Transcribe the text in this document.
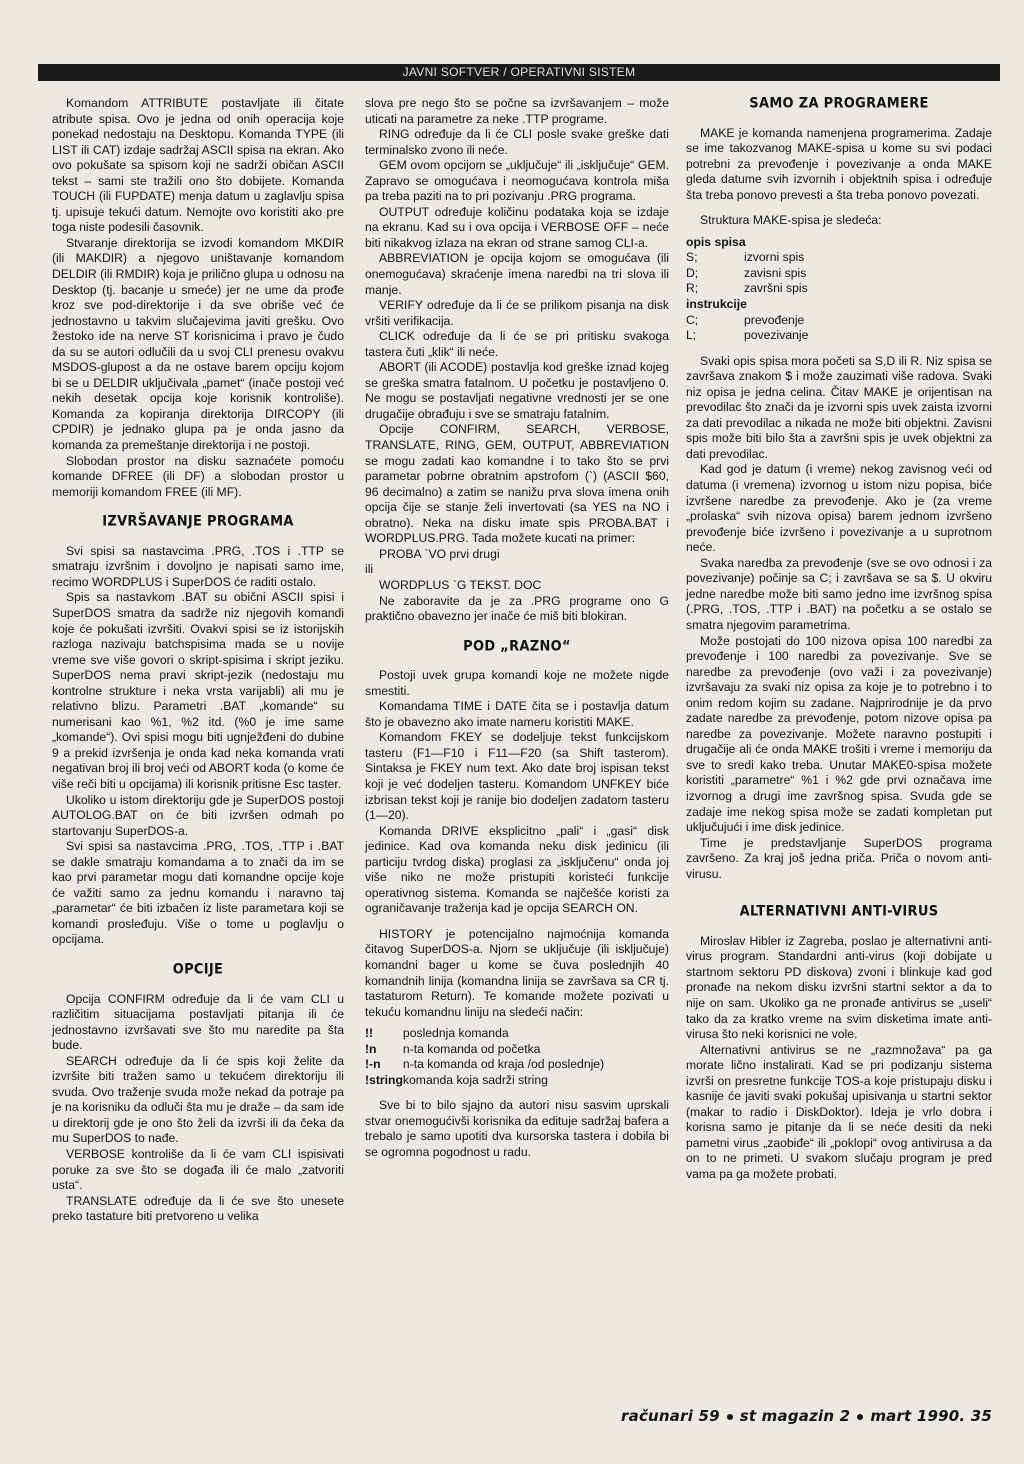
JAVNI SOFTVER / OPERATIVNI SISTEM

Komandom ATTRIBUTE postavljate ili čitate atribute spisa. Ovo je jedna od onih operacija koje ponekad nedostaju na Desktopu. Komanda TYPE (ili LIST ili CAT) izdaje sadržaj ASCII spisa na ekran. Ako ovo pokušate sa spisom koji ne sadrži običan ASCII tekst – sami ste tražili ono što dobijete. Komanda TOUCH (ili FUPDATE) menja datum u zaglavlju spisa tj. upisuje tekući datum. Nemojte ovo koristiti ako pre toga niste podesili časovnik.

Stvaranje direktorija se izvodi komandom MKDIR (ili MAKDIR) a njegovo uništavanje komandom DELDIR (ili RMDIR) koja je prilično glupa u odnosu na Desktop (tj. bacanje u smeće) jer ne ume da prođe kroz sve pod-direktorije i da sve obriše već će jednostavno u takvim slučajevima javiti grešku. Ovo žestoko ide na nerve ST korisnicima i pravo je čudo da su se autori odlučili da u svoj CLI prenesu ovakvu MSDOS-glupost a da ne ostave barem opciju kojom bi se u DELDIR uključivala „pamet“ (inače postoji već nekih desetak opcija koje korisnik kontroliše). Komanda za kopiranja direktorija DIRCOPY (ili CPDIR) je jednako glupa pa je onda jasno da komanda za premeštanje direktorija i ne postoji.

Slobodan prostor na disku saznaćete pomoću komande DFREE (ili DF) a slobodan prostor u memoriji komandom FREE (ili MF).

IZVRŠAVANJE PROGRAMA

Svi spisi sa nastavcima .PRG, .TOS i .TTP se smatraju izvršnim i dovoljno je napisati samo ime, recimo WORDPLUS i SuperDOS će raditi ostalo.

Spis sa nastavkom .BAT su obični ASCII spisi i SuperDOS smatra da sadrže niz njegovih komandi koje će pokušati izvršiti. Ovakvi spisi se iz istorijskih razloga nazivaju batchspisima mada se u novije vreme sve više govori o skript-spisima i skript jeziku. SuperDOS nema pravi skript-jezik (nedostaju mu kontrolne strukture i neka vrsta varijabli) ali mu je relativno blizu. Parametri .BAT „komande“ su numerisani kao %1, %2 itd. (%0 je ime same „komande“). Ovi spisi mogu biti ugnježđeni do dubine 9 a prekid izvršenja je onda kad neka komanda vrati negativan broj ili broj veći od ABORT koda (o kome će više reči biti u opcijama) ili korisnik pritisne Esc taster.

Ukoliko u istom direktoriju gde je SuperDOS postoji AUTOLOG.BAT on će biti izvršen odmah po startovanju SuperDOS-a.

Svi spisi sa nastavcima .PRG, .TOS, .TTP i .BAT se dakle smatraju komandama a to znači da im se kao prvi parametar mogu dati komandne opcije koje će važiti samo za jednu komandu i naravno taj „parametar“ će biti izbačen iz liste parametara koji se komandi prosleđuju. Više o tome u poglavlju o opcijama.

OPCIJE

Opcija CONFIRM određuje da li će vam CLI u različitim situacijama postavljati pitanja ili će jednostavno izvršavati sve što mu naredite pa šta bude.

SEARCH određuje da li će spis koji želite da izvršite biti tražen samo u tekućem direktoriju ili svuda. Ovo traženje svuda može nekad da potraje pa je na korisniku da odluči šta mu je draže – da sam ide u direktorij gde je ono što želi da izvrši ili da čeka da mu SuperDOS to nađe.

VERBOSE kontroliše da li će vam CLI ispisivati poruke za sve što se događa ili će malo „zatvoriti usta“.

TRANSLATE određuje da li će sve što unesete preko tastature biti pretvoreno u velika

slova pre nego što se počne sa izvršavanjem – može uticati na parametre za neke .TTP programe.

RING određuje da li će CLI posle svake greške dati terminalsko zvono ili neće.

GEM ovom opcijom se „uključuje“ ili „isključuje“ GEM. Zapravo se omogućava i neomogućava kontrola miša pa treba paziti na to pri pozivanju .PRG programa.

OUTPUT određuje količinu podataka koja se izdaje na ekranu. Kad su i ova opcija i VERBOSE OFF – neće biti nikakvog izlaza na ekran od strane samog CLI-a.

ABBREVIATION je opcija kojom se omogućava (ili onemogućava) skraćenje imena naredbi na tri slova ili manje.

VERIFY određuje da li će se prilikom pisanja na disk vršiti verifikacija.

CLICK određuje da li će se pri pritisku svakoga tastera čuti „klik“ ili neće.

ABORT (ili ACODE) postavlja kod greške iznad kojeg se greška smatra fatalnom. U početku je postavljeno 0. Ne mogu se postavljati negativne vrednosti jer se one drugačije obrađuju i sve se smatraju fatalnim.

Opcije CONFIRM, SEARCH, VERBOSE, TRANSLATE, RING, GEM, OUTPUT, ABBREVIATION se mogu zadati kao komandne i to tako što se prvi parametar pobrne obratnim apstrofom (`) (ASCII $60, 96 decimalno) a zatim se nanižu prva slova imena onih opcija čije se stanje želi invertovati (sa YES na NO i obratno). Neka na disku imate spis PROBA.BAT i WORDPLUS.PRG. Tada možete kucati na primer:

PROBA `VO prvi drugi

ili

WORDPLUS `G TEKST. DOC

Ne zaboravite da je za .PRG programe ono G praktično obavezno jer inače će miš biti blokiran.

POD „RAZNO“

Postoji uvek grupa komandi koje ne možete nigde smestiti.

Komandama TIME i DATE čita se i postavlja datum što je obavezno ako imate nameru koristiti MAKE.

Komandom FKEY se dodeljuje tekst funkcijskom tasteru (F1—F10 i F11—F20 (sa Shift tasterom). Sintaksa je FKEY num text. Ako date broj ispisan tekst koji je već dodeljen tasteru. Komandom UNFKEY biće izbrisan tekst koji je ranije bio dodeljen zadatom tasteru (1—20).

Komanda DRIVE eksplicitno „pali“ i „gasi“ disk jedinice. Kad ova komanda neku disk jedinicu (ili particiju tvrdog diska) proglasi za „isključenu“ onda joj više niko ne može pristupiti koristeći funkcije operativnog sistema. Komanda se najčešće koristi za ograničavanje traženja kad je opcija SEARCH ON.

HISTORY je potencijalno najmoćnija komanda čitavog SuperDOS-a. Njom se uključuje (ili isključuje) komandni bager u kome se čuva poslednjih 40 komandnih linija (komandna linija se završava sa CR tj. tastaturom Return). Te komande možete pozivati u tekuću komandnu liniju na sledeći način:

!!	poslednja komanda
!n	n-ta komanda od početka
!-n	n-ta komanda od kraja /od poslednje)
!string	komanda koja sadrži string

Sve bi to bilo sjajno da autori nisu sasvim uprskali stvar onemogućivši korisnika da edituje sadržaj bafera a trebalo je samo upotiti dva kursorska tastera i dobila bi se ogromna pogodnost u radu.

SAMO ZA PROGRAMERE

MAKE je komanda namenjena programerima. Zadaje se ime takozvanog MAKE-spisa u kome su svi podaci potrebni za prevođenje i povezivanje a onda MAKE gleda datume svih izvornih i objektnih spisa i određuje šta treba ponovo prevesti a šta treba ponovo povezati.

Struktura MAKE-spisa je sledeća:

opis spisa	
S;	izvorni spis
D;	zavisni spis
R;	završni spis
instrukcije	
C;	prevođenje
L;	povezivanje

Svaki opis spisa mora početi sa S,D ili R. Niz spisa se završava znakom $ i može zauzimati više radova. Svaki niz opisa je jedna celina. Čitav MAKE je orijentisan na prevodilac što znači da je izvorni spis uvek zaista izvorni za dati prevodilac a nikada ne može biti objektni. Zavisni spis može biti bilo šta a završni spis je uvek objektni za dati prevodilac.

Kad god je datum (i vreme) nekog zavisnog veći od datuma (i vremena) izvornog u istom nizu popisa, biće izvršene naredbe za prevođenje. Ako je (za vreme „prolaska“ svih nizova opisa) barem jednom izvršeno prevođenje biće izvršeno i povezivanje a u suprotnom neće.

Svaka naredba za prevođenje (sve se ovo odnosi i za povezivanje) počinje sa C; i završava se sa $. U okviru jedne naredbe može biti samo jedno ime izvršnog spisa (.PRG, .TOS, .TTP i .BAT) na početku a se ostalo se smatra njegovim parametrima.

Može postojati do 100 nizova opisa 100 naredbi za prevođenje i 100 naredbi za povezivanje. Sve se naredbe za prevođenje (ovo važi i za povezivanje) izvršavaju za svaki niz opisa za koje je to potrebno i to onim redom kojim su zadane. Najprirodnije je da prvo zadate naredbe za prevođenje, potom nizove opisa pa naredbe za povezivanje. Možete naravno postupiti i drugačije ali će onda MAKE trošiti i vreme i memoriju da sve to sredi kako treba. Unutar MAKE0-spisa možete koristiti „parametre“ %1 i %2 gde prvi označava ime izvornog a drugi ime završnog spisa. Svuda gde se zadaje ime nekog spisa može se zadati kompletan put uključujući i ime disk jedinice.

Time je predstavljanje SuperDOS programa završeno. Za kraj još jedna priča. Priča o novom anti-virusu.

ALTERNATIVNI ANTI-VIRUS

Miroslav Hibler iz Zagreba, poslao je alternativni anti-virus program. Standardni anti-virus (koji dobijate u startnom sektoru PD diskova) zvoni i blinkuje kad god pronađe na nekom disku izvršni startni sektor a da to nije on sam. Ukoliko ga ne pronađe antivirus se „useli“ tako da za kratko vreme na svim disketima imate anti-virusa što neki korisnici ne vole.

Alternativni antivirus se ne „razmnožava“ pa ga morate lično instalirati. Kad se pri podizanju sistema izvrši on presretne funkcije TOS-a koje pristupaju disku i kasnije će javiti svaki pokušaj upisivanja u startni sektor (makar to radio i DiskDoktor). Ideja je vrlo dobra i korisna samo je pitanje da li se neće desiti da neki pametni virus „zaobiđe“ ili „poklopi“ ovog antivirusa a da on to ne primeti. U svakom slučaju program je pred vama pa ga možete probati.

računari 59 st magazin 2 mart 1990. 35
